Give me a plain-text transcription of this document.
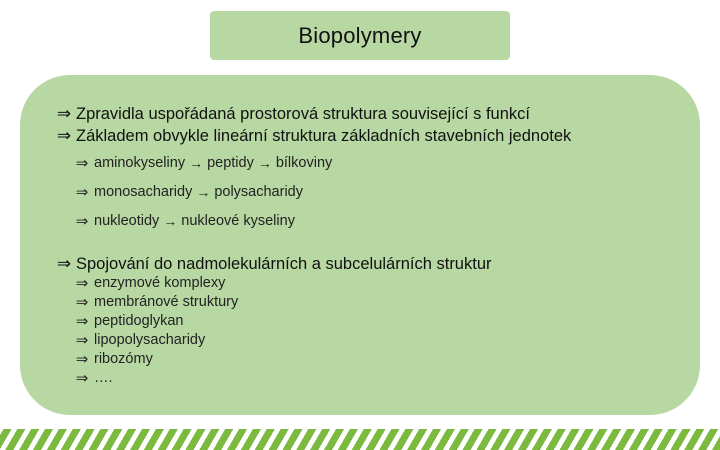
Biopolymery
⇒ Zpravidla uspořádaná prostorová struktura související s funkcí
⇒ Základem obvykle lineární struktura základních stavebních jednotek
⇒ aminokyseliny → peptidy → bílkoviny
⇒ monosacharidy → polysacharidy
⇒ nukleotidy → nukleové kyseliny
⇒ Spojování do nadmolekulárních a subcelulárních struktur
⇒ enzymové komplexy
⇒ membránové struktury
⇒ peptidoglykan
⇒ lipopolysacharidy
⇒ ribozómy
⇒ ….
